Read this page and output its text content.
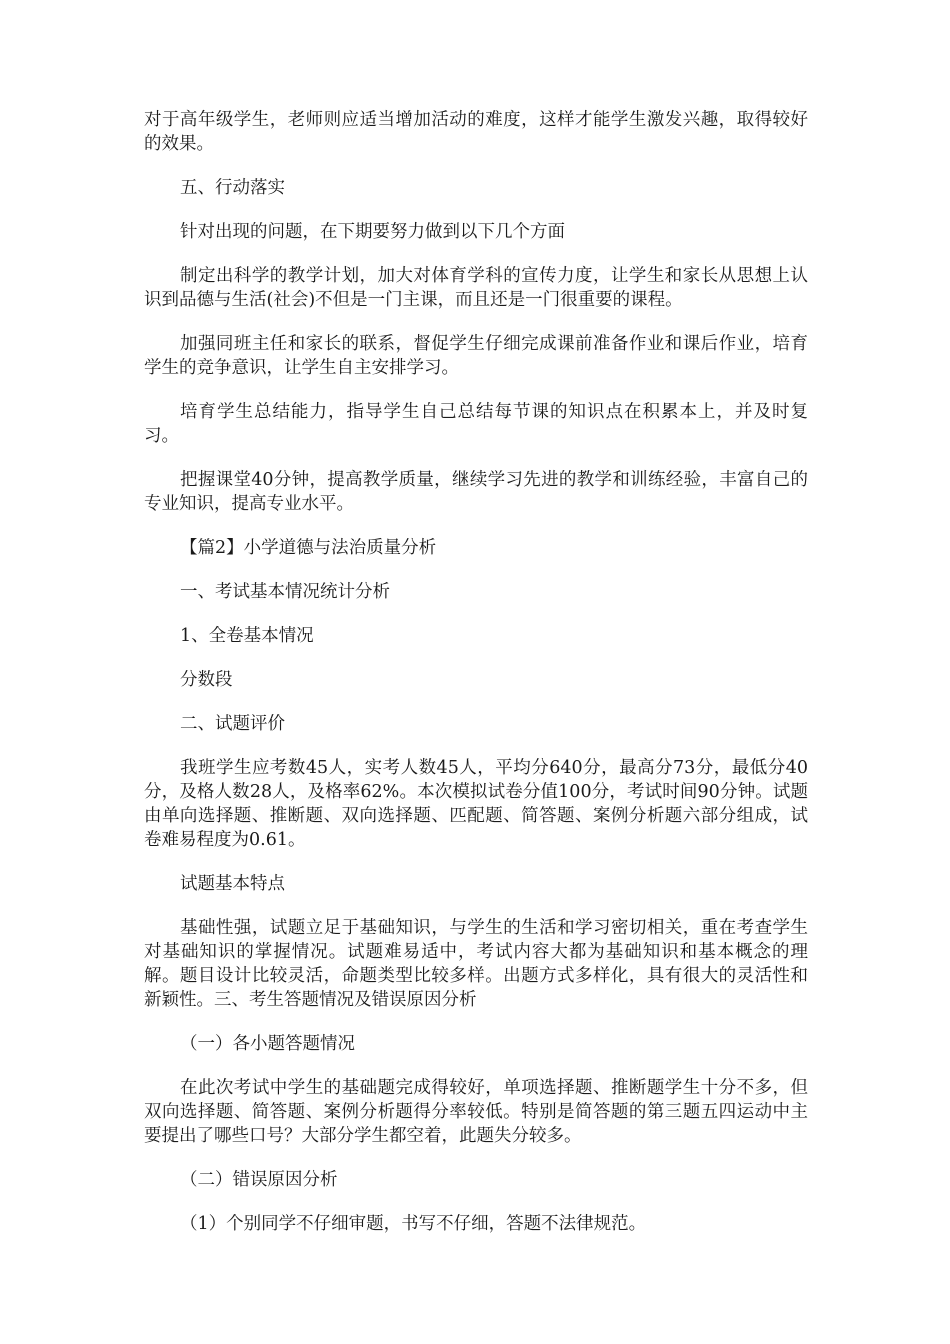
对于高年级学生，老师则应适当增加活动的难度，这样才能学生激发兴趣，取得较好的效果。

五、行动落实

针对出现的问题，在下期要努力做到以下几个方面

制定出科学的教学计划，加大对体育学科的宣传力度，让学生和家长从思想上认识到品德与生活(社会)不但是一门主课，而且还是一门很重要的课程。

加强同班主任和家长的联系，督促学生仔细完成课前准备作业和课后作业，培育学生的竞争意识，让学生自主安排学习。

培育学生总结能力，指导学生自己总结每节课的知识点在积累本上，并及时复习。

把握课堂40分钟，提高教学质量，继续学习先进的教学和训练经验，丰富自己的专业知识，提高专业水平。

【篇2】小学道德与法治质量分析

一、考试基本情况统计分析

1、全卷基本情况

分数段

二、试题评价

我班学生应考数45人，实考人数45人，平均分640分，最高分73分，最低分40分，及格人数28人，及格率62%。本次模拟试卷分值100分，考试时间90分钟。试题由单向选择题、推断题、双向选择题、匹配题、简答题、案例分析题六部分组成，试卷难易程度为0.61。

试题基本特点

基础性强，试题立足于基础知识，与学生的生活和学习密切相关，重在考查学生对基础知识的掌握情况。试题难易适中，考试内容大都为基础知识和基本概念的理解。题目设计比较灵活，命题类型比较多样。出题方式多样化，具有很大的灵活性和新颖性。三、考生答题情况及错误原因分析

（一）各小题答题情况

在此次考试中学生的基础题完成得较好，单项选择题、推断题学生十分不多，但双向选择题、简答题、案例分析题得分率较低。特别是简答题的第三题五四运动中主要提出了哪些口号？大部分学生都空着，此题失分较多。

（二）错误原因分析

（1）个别同学不仔细审题，书写不仔细，答题不法律规范。
